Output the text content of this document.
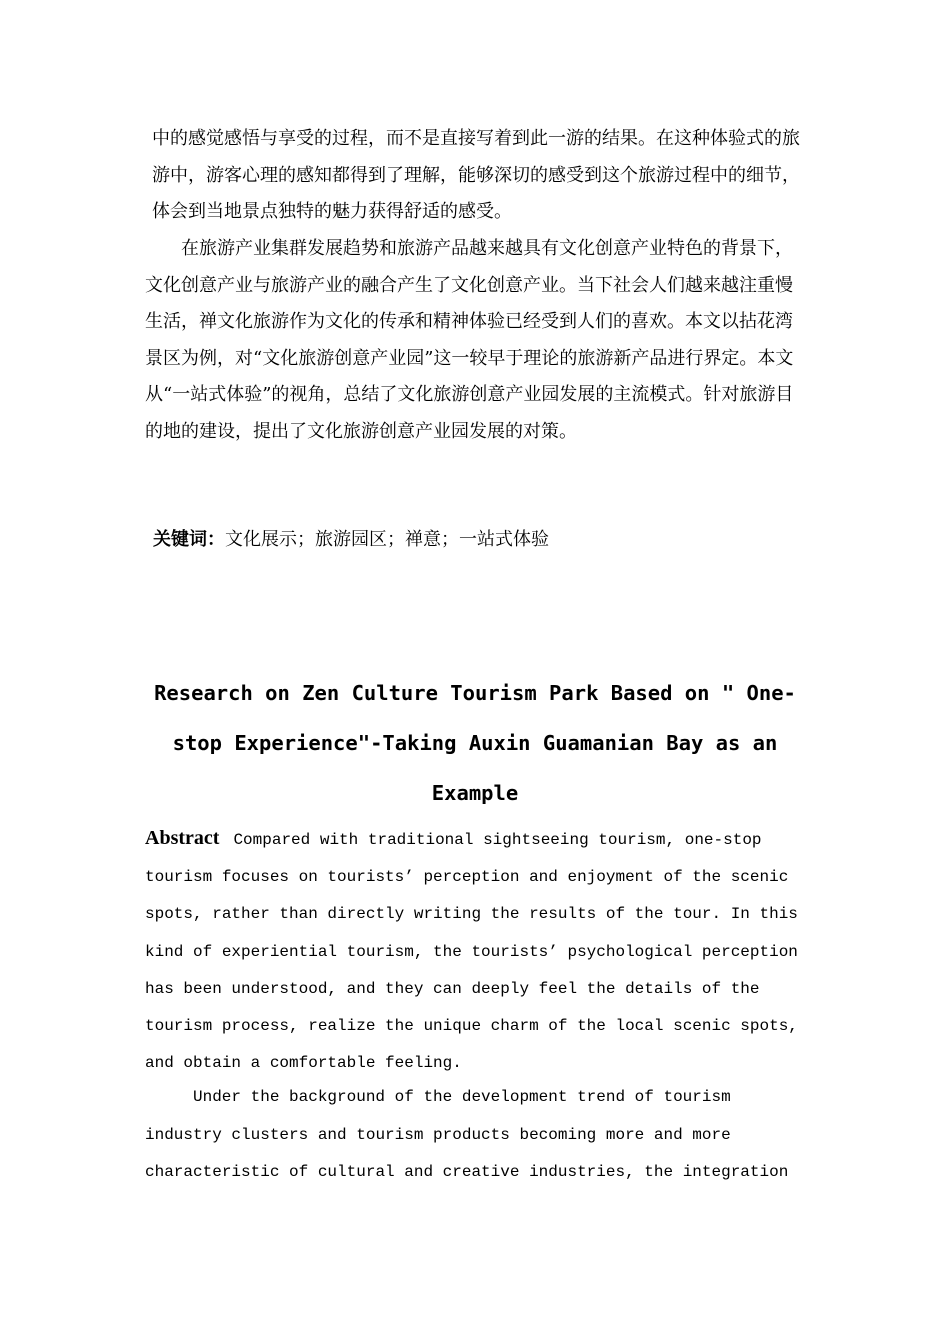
中的感觉感悟与享受的过程，而不是直接写着到此一游的结果。在这种体验式的旅游中，游客心理的感知都得到了理解，能够深切的感受到这个旅游过程中的细节，体会到当地景点独特的魅力获得舒适的感受。
在旅游产业集群发展趋势和旅游产品越来越具有文化创意产业特色的背景下，文化创意产业与旅游产业的融合产生了文化创意产业。当下社会人们越来越注重慢生活，禅文化旅游作为文化的传承和精神体验已经受到人们的喜欢。本文以拈花湾景区为例，对“文化旅游创意产业园”这一较早于理论的旅游新产品进行界定。本文从“一站式体验”的视角，总结了文化旅游创意产业园发展的主流模式。针对旅游目的地的建设，提出了文化旅游创意产业园发展的对策。
关键词：文化展示；旅游园区；禅意；一站式体验
Research on Zen Culture Tourism Park Based on " One-stop Experience"-Taking Auxin Guamanian Bay as an Example
Abstract Compared with traditional sightseeing tourism, one-stop tourism focuses on tourists’ perception and enjoyment of the scenic spots, rather than directly writing the results of the tour. In this kind of experiential tourism, the tourists’ psychological perception has been understood, and they can deeply feel the details of the tourism process, realize the unique charm of the local scenic spots, and obtain a comfortable feeling.
Under the background of the development trend of tourism industry clusters and tourism products becoming more and more characteristic of cultural and creative industries, the integration
